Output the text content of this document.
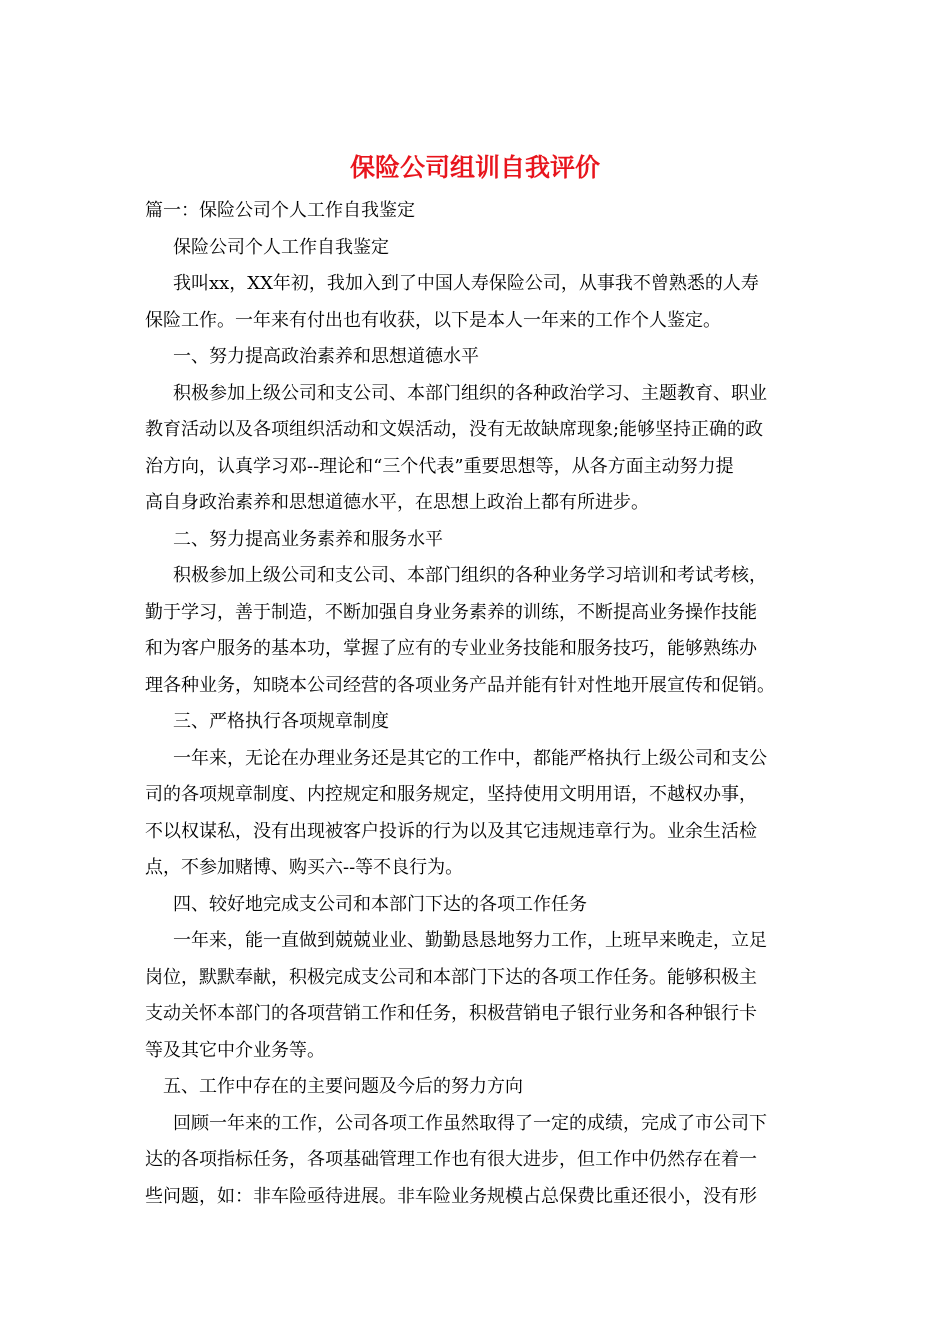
保险公司组训自我评价

篇一：保险公司个人工作自我鉴定

保险公司个人工作自我鉴定

我叫xx，XX年初，我加入到了中国人寿保险公司，从事我不曾熟悉的人寿

保险工作。一年来有付出也有收获，以下是本人一年来的工作个人鉴定。

一、努力提高政治素养和思想道德水平

积极参加上级公司和支公司、本部门组织的各种政治学习、主题教育、职业

教育活动以及各项组织活动和文娱活动，没有无故缺席现象;能够坚持正确的政

治方向，认真学习邓--理论和“三个代表”重要思想等，从各方面主动努力提

高自身政治素养和思想道德水平，在思想上政治上都有所进步。

二、努力提高业务素养和服务水平

积极参加上级公司和支公司、本部门组织的各种业务学习培训和考试考核，

勤于学习，善于制造，不断加强自身业务素养的训练，不断提高业务操作技能

和为客户服务的基本功，掌握了应有的专业业务技能和服务技巧，能够熟练办

理各种业务，知晓本公司经营的各项业务产品并能有针对性地开展宣传和促销。

三、严格执行各项规章制度

一年来，无论在办理业务还是其它的工作中，都能严格执行上级公司和支公

司的各项规章制度、内控规定和服务规定，坚持使用文明用语，不越权办事，

不以权谋私，没有出现被客户投诉的行为以及其它违规违章行为。业余生活检

点，不参加赌博、购买六--等不良行为。

四、较好地完成支公司和本部门下达的各项工作任务

一年来，能一直做到兢兢业业、勤勤恳恳地努力工作，上班早来晚走，立足

岗位，默默奉献，积极完成支公司和本部门下达的各项工作任务。能够积极主

支动关怀本部门的各项营销工作和任务，积极营销电子银行业务和各种银行卡

等及其它中介业务等。

五、工作中存在的主要问题及今后的努力方向

回顾一年来的工作，公司各项工作虽然取得了一定的成绩，完成了市公司下

达的各项指标任务，各项基础管理工作也有很大进步，但工作中仍然存在着一

些问题，如：非车险亟待进展。非车险业务规模占总保费比重还很小，没有形
